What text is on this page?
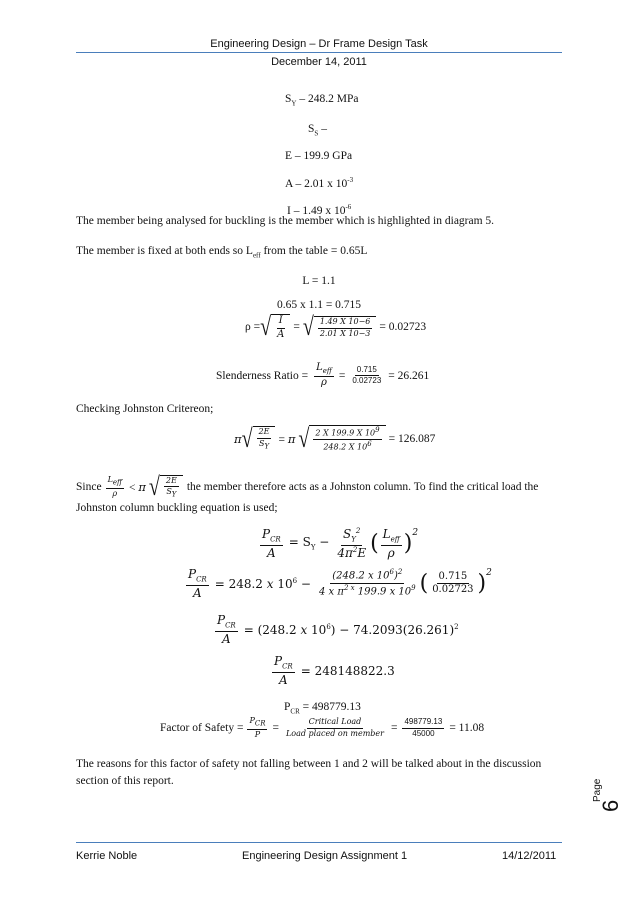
Engineering Design – Dr Frame Design Task
December 14, 2011
$S_Y - 248.2$ MPa
$S_S$ –
E – 199.9 GPa
A – 2.01 x $10^{-3}$
I – 1.49 x $10^{-6}$
The member being analysed for buckling is the member which is highlighted in diagram 5.
The member is fixed at both ends so $L_{eff}$ from the table = 0.65L
L = 1.1
0.65 x 1.1 = 0.715
ρ = √ $\frac{I}{A}$ = √ $\frac{1.49 X 10-6}{2.01 X 10-3} = 0.02723$
Slenderness Ratio = $\frac{L_{eff}}{\rho} = \frac{0.715}{0.02723} = 26.261$
Checking Johnston Critereon;
π √ $\frac{2E}{S_Y} = \pi$ √ $\frac{2 X 199.9 X 10^9}{248.2 X 10^6} = 126.087$
Since $\frac{L_{eff}}{\rho} < \pi$ √ $\frac{2E}{S_Y}$ the member therefore acts as a Johnston column. To find the critical load the
Johnston column buckling equation is used;
$\frac{P_{CR}}{A} = S_Y - \frac{S_Y^2}{4\pi^2E}$ ( $\frac{L_{eff}}{\rho}$ ) 2
$\frac{P_{CR}}{A} = 248.2$ x $10^6 - \frac{(248.2 x 10^6)^2}{4 x \pi^{2 x} 199.9 x 10^9}$ ( $\frac{0.715}{0.02723}$ ) 2
$\frac{P_{CR}}{A} = (248.2$ x $10^6) - 74.2093(26.261)^2$
$\frac{P_{CR}}{A} = 248148822.3$
$P_{CR} = 498779.13$
Factor of Safety = $\frac{P_{CR}}{P} = \frac{\text{Critical Load}}{\text{Load placed on member}} = \frac{498779.13}{45000} = 11.08$
The reasons for this factor of safety not falling between 1 and 2 will be talked about in the discussion section of this report.	Page
6
Kerrie Noble	Engineering Design Assignment 1	14/12/2011
